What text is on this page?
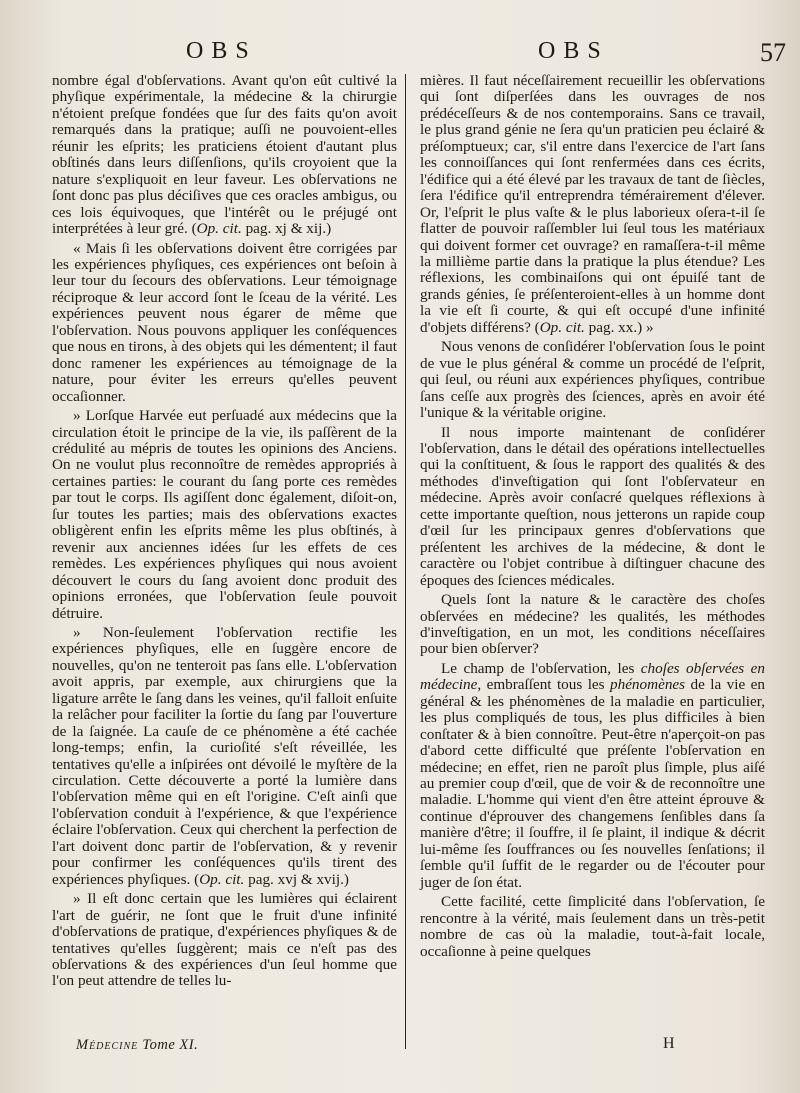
OBS	OBS	57

nombre égal d'obſervations. Avant qu'on eût cultivé la phyſique expérimentale, la médecine & la chirurgie n'étoient preſque fondées que ſur des faits qu'on avoit remarqués dans la pratique; auſſi ne pouvoient-elles réunir les eſprits; les praticiens étoient d'autant plus obſtinés dans leurs diſſenſions, qu'ils croyoient que la nature s'expliquoit en leur faveur. Les obſervations ne ſont donc pas plus déciſives que ces oracles ambigus, ou ces lois équivoques, que l'intérêt ou le préjugé ont interprétées à leur gré. (Op. cit. pag. xj & xij.)

« Mais ſi les obſervations doivent être corrigées par les expériences phyſiques, ces expériences ont beſoin à leur tour du ſecours des obſervations. Leur témoignage réciproque & leur accord ſont le ſceau de la vérité. Les expériences peuvent nous égarer de même que l'obſervation. Nous pouvons appliquer les conſéquences que nous en tirons, à des objets qui les démentent; il faut donc ramener les expériences au témoignage de la nature, pour éviter les erreurs qu'elles peuvent occaſionner.

» Lorſque Harvée eut perſuadé aux médecins que la circulation étoit le principe de la vie, ils paſſèrent de la crédulité au mépris de toutes les opinions des Anciens. On ne voulut plus reconnoître de remèdes appropriés à certaines parties: le courant du ſang porte ces remèdes par tout le corps. Ils agiſſent donc également, diſoit-on, ſur toutes les parties; mais des obſervations exactes obligèrent enfin les eſprits même les plus obſtinés, à revenir aux anciennes idées ſur les effets de ces remèdes. Les expériences phyſiques qui nous avoient découvert le cours du ſang avoient donc produit des opinions erronées, que l'obſervation ſeule pouvoit détruire.

» Non-ſeulement l'obſervation rectifie les expériences phyſiques, elle en ſuggère encore de nouvelles, qu'on ne tenteroit pas ſans elle. L'obſervation avoit appris, par exemple, aux chirurgiens que la ligature arrête le ſang dans les veines, qu'il falloit enſuite la relâcher pour faciliter la ſortie du ſang par l'ouverture de la ſaignée. La cauſe de ce phénomène a été cachée long-temps; enfin, la curioſité s'eſt réveillée, les tentatives qu'elle a inſpirées ont dévoilé le myſtère de la circulation. Cette découverte a porté la lumière dans l'obſervation même qui en eſt l'origine. C'eſt ainſi que l'obſervation conduit à l'expérience, & que l'expérience éclaire l'obſervation. Ceux qui cherchent la perfection de l'art doivent donc partir de l'obſervation, & y revenir pour confirmer les conſéquences qu'ils tirent des expériences phyſiques. (Op. cit. pag. xvj & xvij.)

» Il eſt donc certain que les lumières qui éclairent l'art de guérir, ne ſont que le fruit d'une infinité d'obſervations de pratique, d'expériences phyſiques & de tentatives qu'elles ſuggèrent; mais ce n'eſt pas des obſervations & des expériences d'un ſeul homme que l'on peut attendre de telles lu-

mières. Il faut néceſſairement recueillir les obſervations qui ſont diſperſées dans les ouvrages de nos prédéceſſeurs & de nos contemporains. Sans ce travail, le plus grand génie ne ſera qu'un praticien peu éclairé & préſomptueux; car, s'il entre dans l'exercice de l'art ſans les connoiſſances qui ſont renfermées dans ces écrits, l'édifice qui a été élevé par les travaux de tant de ſiècles, ſera l'édifice qu'il entreprendra témérairement d'élever. Or, l'eſprit le plus vaſte & le plus laborieux oſera-t-il ſe flatter de pouvoir raſſembler lui ſeul tous les matériaux qui doivent former cet ouvrage? en ramaſſera-t-il même la millième partie dans la pratique la plus étendue? Les réflexions, les combinaiſons qui ont épuiſé tant de grands génies, ſe préſenteroient-elles à un homme dont la vie eſt ſi courte, & qui eſt occupé d'une infinité d'objets différens? (Op. cit. pag. xx.) »

Nous venons de conſidérer l'obſervation ſous le point de vue le plus général & comme un procédé de l'eſprit, qui ſeul, ou réuni aux expériences phyſiques, contribue ſans ceſſe aux progrès des ſciences, après en avoir été l'unique & la véritable origine.

Il nous importe maintenant de conſidérer l'obſervation, dans le détail des opérations intellectuelles qui la conſtituent, & ſous le rapport des qualités & des méthodes d'inveſtigation qui ſont l'obſervateur en médecine. Après avoir conſacré quelques réflexions à cette importante queſtion, nous jetterons un rapide coup d'œil ſur les principaux genres d'obſervations que préſentent les archives de la médecine, & dont le caractère ou l'objet contribue à diſtinguer chacune des époques des ſciences médicales.

Quels ſont la nature & le caractère des choſes obſervées en médecine? les qualités, les méthodes d'inveſtigation, en un mot, les conditions néceſſaires pour bien obſerver?

Le champ de l'obſervation, les choſes obſervées en médecine, embraſſent tous les phénomènes de la vie en général & les phénomènes de la maladie en particulier, les plus compliqués de tous, les plus difficiles à bien conſtater & à bien connoître. Peut-être n'aperçoit-on pas d'abord cette difficulté que préſente l'obſervation en médecine; en effet, rien ne paroît plus ſimple, plus aiſé au premier coup d'œil, que de voir & de reconnoître une maladie. L'homme qui vient d'en être atteint éprouve & continue d'éprouver des changemens ſenſibles dans ſa manière d'être; il ſouffre, il ſe plaint, il indique & décrit lui-même ſes ſouffrances ou ſes nouvelles ſenſations; il ſemble qu'il ſuffit de le regarder ou de l'écouter pour juger de ſon état.

Cette facilité, cette ſimplicité dans l'obſervation, ſe rencontre à la vérité, mais ſeulement dans un très-petit nombre de cas où la maladie, tout-à-fait locale, occaſionne à peine quelques

Médecine Tome XI.	H
